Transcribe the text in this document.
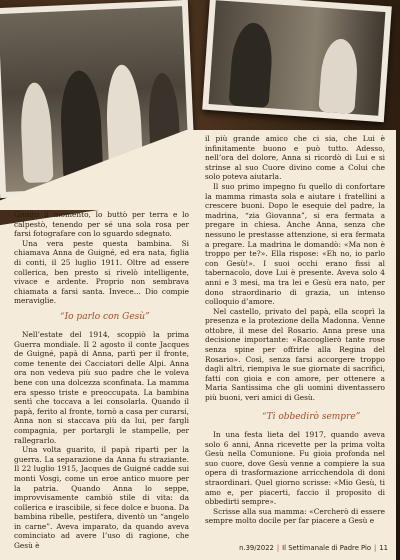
Giunto il momento, lo buttò per terra e lo calpestò, tenendo per sé una sola rosa per farsi fotografare con lo sguardo sdegnato.

Una vera peste questa bambina. Si chiamava Anna de Guigné, ed era nata, figlia di conti, il 25 luglio 1911. Oltre ad essere collerica, ben presto si rivelò intelligente, vivace e ardente. Proprio non sembrava chiamata a farsi santa. Invece... Dio compie meraviglie.

“Io parlo con Gesù”

Nell’estate del 1914, scoppiò la prima Guerra mondiale. Il 2 agosto il conte Jacques de Guigné, papà di Anna, partì per il fronte, come tenente dei Cacciatori delle Alpi. Anna ora non vedeva più suo padre che le voleva bene con una dolcezza sconfinata. La mamma era spesso triste e preoccupata. La bambina sentì che toccava a lei consolarla. Quando il papà, ferito al fronte, tornò a casa per curarsi, Anna non si staccava più da lui, per fargli compagnia, per portargli le stampelle, per rallegrarlo.

Una volta guarito, il papà riparti per la guerra. La separazione da Anna fu straziante. Il 22 luglio 1915, Jacques de Guigné cadde sui monti Vosgi, come un eroe antico muore per la patria. Quando Anna lo seppe, improvvisamente cambiò stile di vita: da collerica e irascibile, si fece dolce e buona. Da bambina ribelle, pestifera, diventò un “angelo in carne”. Aveva imparato, da quando aveva cominciato ad avere l’uso di ragione, che Gesù è

il più grande amico che ci sia, che Lui è infinitamente buono e può tutto. Adesso, nell’ora del dolore, Anna si ricordò di Lui e si strinse al suo Cuore divino come a Colui che solo poteva aiutarla.

Il suo primo impegno fu quello di confortare la mamma rimasta sola e aiutare i fratellini a crescere buoni. Dopo le esequie del padre, la madrina, “zia Giovanna”, si era fermata a pregare in chiesa. Anche Anna, senza che nessuno le prestasse attenzione, si era fermata a pregare. La madrina le domandò: «Ma non è troppo per te?». Ella rispose: «Eh no, io parlo con Gesù!». I suoi occhi erano fissi al tabernacolo, dove Lui è presente. Aveva solo 4 anni e 3 mesi, ma tra lei e Gesù era nato, per dono straordinario di grazia, un intenso colloquio d’amore.

Nel castello, privato del papà, ella scoprì la presenza e la protezione della Madonna. Venne ottobre, il mese del Rosario. Anna prese una decisione importante: «Raccoglierò tante rose senza spine per offrirle alla Regina del Rosario». Così, senza farsi accorgere troppo dagli altri, riempiva le sue giornate di sacrifici, fatti con gioia e con amore, per ottenere a Maria Santissima che gli uomini diventassero più buoni, veri amici di Gesù.

“Ti obbedirò sempre”

In una festa lieta del 1917, quando aveva solo 6 anni, Anna ricevette per la prima volta Gesù nella Comunione. Fu gioia profonda nel suo cuore, dove Gesù venne a compiere la sua opera di trasformazione arricchendola di doni straordinari. Quel giorno scrisse: «Mio Gesù, ti amo e, per piacerti, faccio il proposito di obbedirti sempre».

Scrisse alla sua mamma: «Cercherò di essere sempre molto docile per far piacere a Gesù e

n.39/2022 | Il Settimanale di Padre Pio | 11
